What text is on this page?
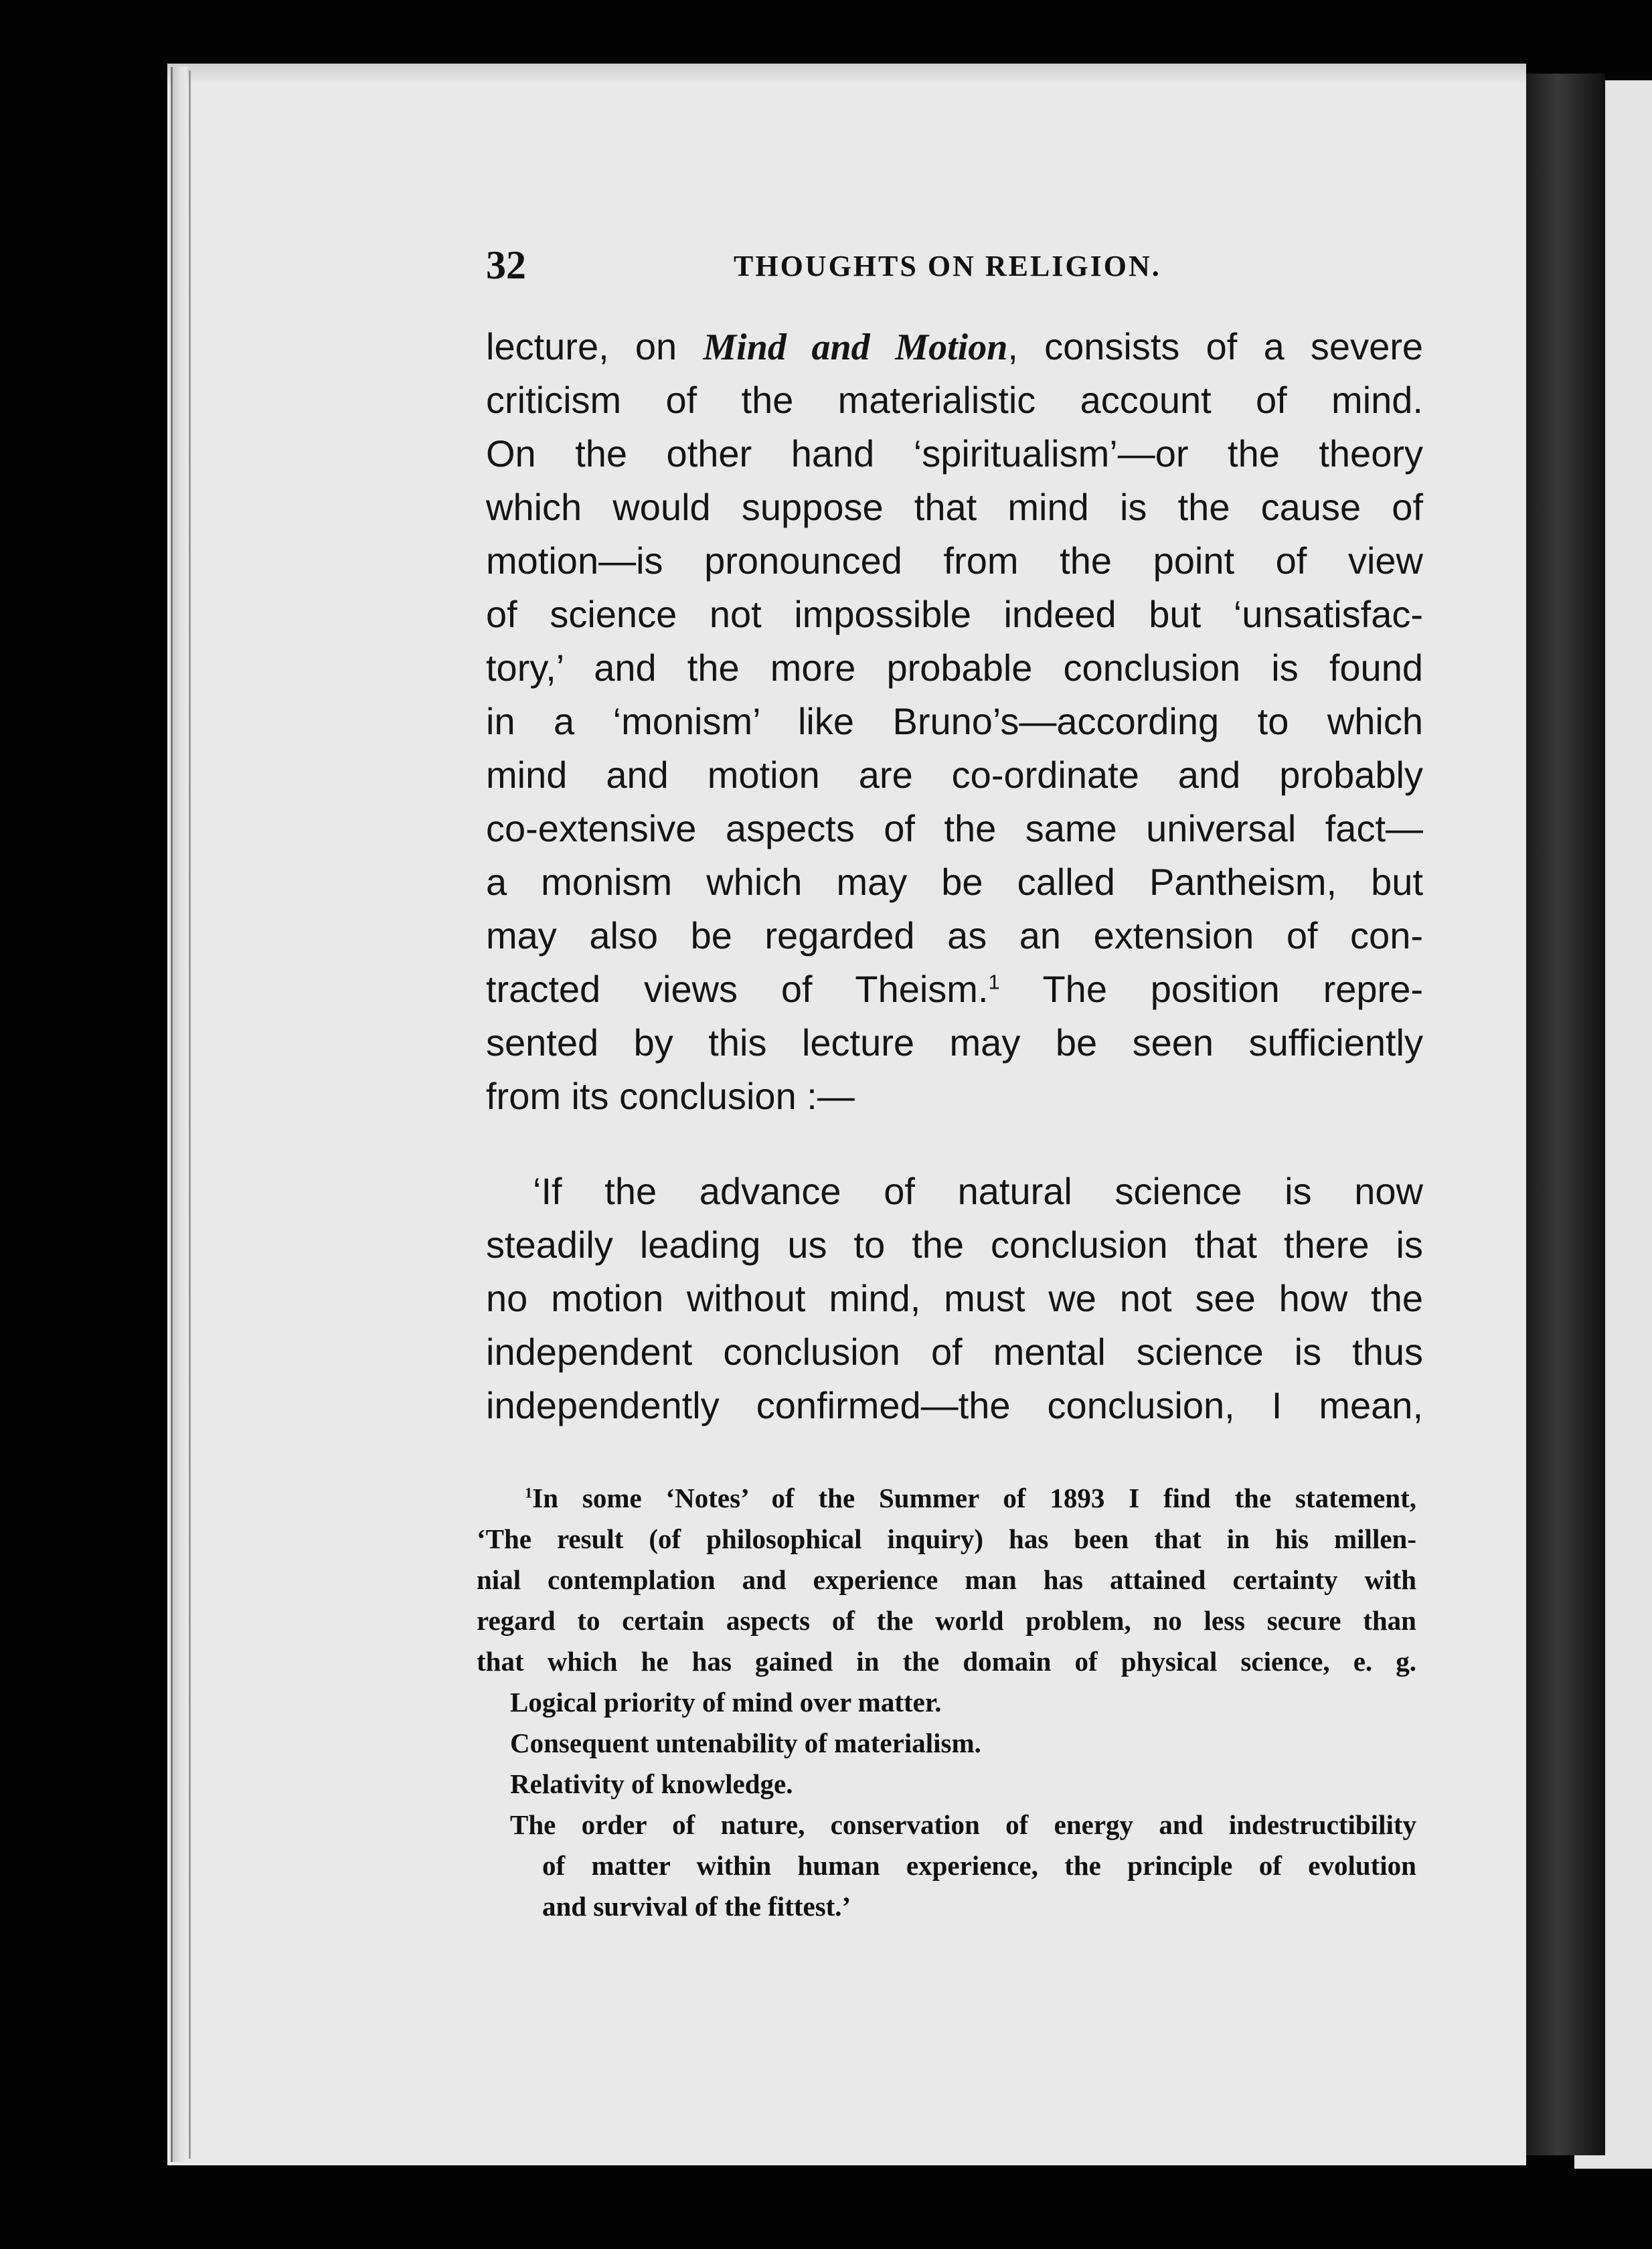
32	THOUGHTS ON RELIGION.
lecture, on Mind and Motion, consists of a severe
criticism of the materialistic account of mind.
On the other hand ‘spiritualism’—or the theory
which would suppose that mind is the cause of
motion—is pronounced from the point of view
of science not impossible indeed but ‘unsatisfac-
tory,’ and the more probable conclusion is found
in a ‘monism’ like Bruno’s—according to which
mind and motion are co-ordinate and probably
co-extensive aspects of the same universal fact—
a monism which may be called Pantheism, but
may also be regarded as an extension of con-
tracted views of Theism.$^1$ The position repre-
sented by this lecture may be seen sufficiently
from its conclusion :—
‘If the advance of natural science is now
steadily leading us to the conclusion that there is
no motion without mind, must we not see how the
independent conclusion of mental science is thus
independently confirmed—the conclusion, I mean,
$^1$In some ‘Notes’ of the Summer of 1893 I find the statement,
‘The result (of philosophical inquiry) has been that in his millen-
nial contemplation and experience man has attained certainty with
regard to certain aspects of the world problem, no less secure than
that which he has gained in the domain of physical science, e. g.
Logical priority of mind over matter.
Consequent untenability of materialism.
Relativity of knowledge.
The order of nature, conservation of energy and indestructibility
of matter within human experience, the principle of evolution
and survival of the fittest.’
